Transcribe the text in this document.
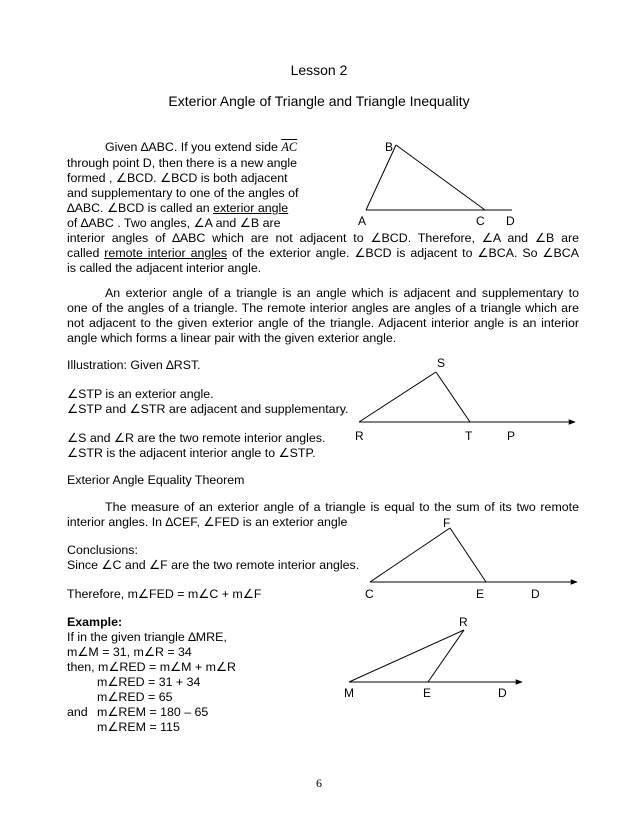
Lesson 2
Exterior Angle of Triangle and Triangle Inequality
Given ∆ABC. If you extend side $\overline{AC}$
through point D, then there is a new angle
formed , ∠BCD. ∠BCD is both adjacent
and supplementary to one of the angles of
∆ABC. ∠BCD is called an exterior angle
of ∆ABC . Two angles, ∠A and ∠B are
interior angles of ∆ABC which are not adjacent to ∠BCD. Therefore, ∠A and ∠B are
called remote interior angles of the exterior angle. ∠BCD is adjacent to ∠BCA. So ∠BCA
is called the adjacent interior angle.
An exterior angle of a triangle is an angle which is adjacent and supplementary to
one of the angles of a triangle. The remote interior angles are angles of a triangle which are
not adjacent to the given exterior angle of the triangle. Adjacent interior angle is an interior
angle which forms a linear pair with the given exterior angle.
Illustration: Given ∆RST.
∠STP is an exterior angle.
∠STP and ∠STR are adjacent and supplementary.
∠S and ∠R are the two remote interior angles.
∠STR is the adjacent interior angle to ∠STP.
Exterior Angle Equality Theorem
The measure of an exterior angle of a triangle is equal to the sum of its two remote
interior angles. In ∆CEF, ∠FED is an exterior angle
Conclusions:
Since ∠C and ∠F are the two remote interior angles.
Therefore, m∠FED = m∠C + m∠F
Example:
If in the given triangle ∆MRE,
m∠M = 31, m∠R = 34
then, m∠RED = m∠M + m∠R
m∠RED = 31 + 34
m∠RED = 65
and m∠REM = 180 – 65
m∠REM = 115
B
A	C D
S
R	T	P
F
C	E	D
R
M	E	D
6
